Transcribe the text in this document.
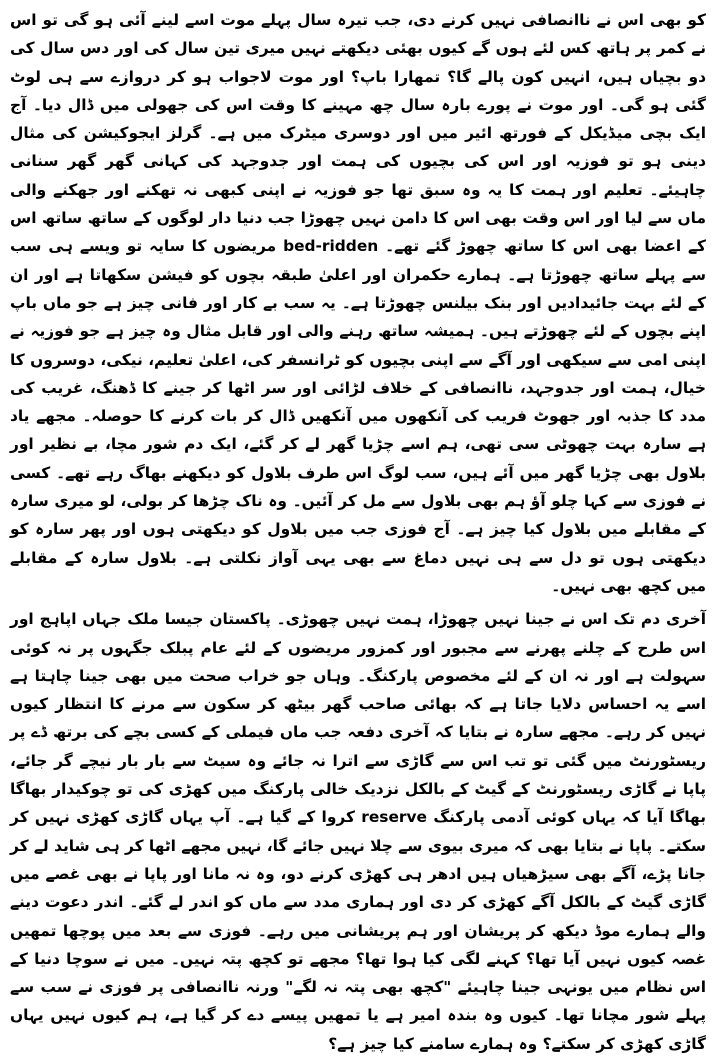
کو بھی اس نے ناانصافی نہیں کرنے دی، جب تیرہ سال پہلے موت اسے لینے آئی ہو گی تو اس نے کمر پر ہاتھ کس لئے ہوں گے کیوں بھئی دیکھتے نہیں میری تین سال کی اور دس سال کی دو بچیاں ہیں، انہیں کون پالے گا؟ تمھارا باپ؟ اور موت لاجواب ہو کر دروازے سے ہی لوٹ گئی ہو گی۔ اور موت نے پورے بارہ سال چھ مہینے کا وقت اس کی جھولی میں ڈال دیا۔ آج ایک بچی میڈیکل کے فورتھ ائیر میں اور دوسری میٹرک میں ہے۔ گرلز ایجوکیشن کی مثال دینی ہو تو فوزیہ اور اس کی بچیوں کی ہمت اور جدوجہد کی کہانی گھر گھر سنانی چاہیئے۔ تعلیم اور ہمت کا یہ وہ سبق تھا جو فوزیہ نے اپنی کبھی نہ تھکنے اور جھکنے والی ماں سے لیا اور اس وقت بھی اس کا دامن نہیں چھوڑا جب دنیا دار لوگوں کے ساتھ ساتھ اس کے اعضا بھی اس کا ساتھ چھوڑ گئے تھے۔ bed-ridden مریضوں کا سایہ تو ویسے ہی سب سے پہلے ساتھ چھوڑتا ہے۔ ہمارے حکمران اور اعلیٰ طبقہ بچوں کو فیشن سکھاتا ہے اور ان کے لئے بہت جائیدادیں اور بنک بیلنس چھوڑتا ہے۔ یہ سب بے کار اور فانی چیز ہے جو ماں باپ اپنے بچوں کے لئے چھوڑتے ہیں۔ ہمیشہ ساتھ رہنے والی اور قابل مثال وہ چیز ہے جو فوزیہ نے اپنی امی سے سیکھی اور آگے سے اپنی بچیوں کو ٹرانسفر کی، اعلیٰ تعلیم، نیکی، دوسروں کا خیال، ہمت اور جدوجہد، ناانصافی کے خلاف لڑائی اور سر اٹھا کر جینے کا ڈھنگ، غریب کی مدد کا جذبہ اور جھوٹ فریب کی آنکھوں میں آنکھیں ڈال کر بات کرنے کا حوصلہ۔ مجھے یاد ہے سارہ بہت چھوٹی سی تھی، ہم اسے چڑیا گھر لے کر گئے، ایک دم شور مچا، بے نظیر اور بلاول بھی چڑیا گھر میں آئے ہیں، سب لوگ اس طرف بلاول کو دیکھنے بھاگ رہے تھے۔ کسی نے فوزی سے کہا چلو آؤ ہم بھی بلاول سے مل کر آئیں۔ وہ ناک چڑھا کر بولی، لو میری سارہ کے مقابلے میں بلاول کیا چیز ہے۔ آج فوزی جب میں بلاول کو دیکھتی ہوں اور پھر سارہ کو دیکھتی ہوں تو دل سے ہی نہیں دماغ سے بھی یہی آواز نکلتی ہے۔ بلاول سارہ کے مقابلے میں کچھ بھی نہیں۔

آخری دم تک اس نے جینا نہیں چھوڑا، ہمت نہیں چھوڑی۔ پاکستان جیسا ملک جہاں اپاہج اور اس طرح کے چلنے پھرنے سے مجبور اور کمزور مریضوں کے لئے عام پبلک جگہوں پر نہ کوئی سہولت ہے اور نہ ان کے لئے مخصوص پارکنگ۔ وہاں جو خراب صحت میں بھی جینا چاہتا ہے اسے یہ احساس دلایا جاتا ہے کہ بھائی صاحب گھر بیٹھ کر سکون سے مرنے کا انتظار کیوں نہیں کر رہے۔ مجھے سارہ نے بتایا کہ آخری دفعہ جب ماں فیملی کے کسی بچے کی برتھ ڈے پر ریسٹورنٹ میں گئی تو تب اس سے گاڑی سے اترا نہ جائے وہ سیٹ سے بار بار نیچے گر جائے، پاپا نے گاڑی ریسٹورنٹ کے گیٹ کے بالکل نزدیک خالی پارکنگ میں کھڑی کی تو چوکیدار بھاگا بھاگا آیا کہ یہاں کوئی آدمی پارکنگ reserve کروا کے گیا ہے۔ آپ یہاں گاڑی کھڑی نہیں کر سکتے۔ پاپا نے بتایا بھی کہ میری بیوی سے چلا نہیں جائے گا، نہیں مجھے اٹھا کر ہی شاید لے کر جانا پڑے، آگے بھی سیڑھیاں ہیں ادھر ہی کھڑی کرنے دو، وہ نہ مانا اور پاپا نے بھی غصے میں گاڑی گیٹ کے بالکل آگے کھڑی کر دی اور ہماری مدد سے ماں کو اندر لے گئے۔ اندر دعوت دینے والے ہمارے موڈ دیکھ کر پریشان اور ہم پریشانی میں رہے۔ فوزی سے بعد میں پوچھا تمھیں غصہ کیوں نہیں آیا تھا؟ کہنے لگی کیا ہوا تھا؟ مجھے تو کچھ پتہ نہیں۔ میں نے سوچا دنیا کے اس نظام میں یونہی جینا چاہیئے "کچھ بھی پتہ نہ لگے" ورنہ ناانصافی پر فوزی نے سب سے پہلے شور مچانا تھا۔ کیوں وہ بندہ امیر ہے یا تمھیں پیسے دے کر گیا ہے، ہم کیوں نہیں یہاں گاڑی کھڑی کر سکتے؟ وہ ہمارے سامنے کیا چیز ہے؟
